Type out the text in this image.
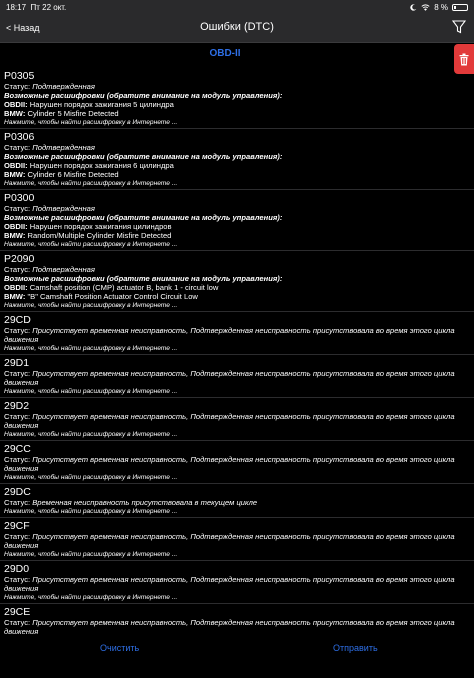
18:17 Пт 22 окт.	8 %
< Назад	Ошибки (DTC)
OBD-II
P0305
Статус: Подтвержденная
Возможные расшифровки (обратите внимание на модуль управления):
OBDII: Нарушен порядок зажигания 5 цилиндра
BMW: Cylinder 5 Misfire Detected
Нажмите, чтобы найти расшифровку в Интернете ...
P0306
Статус: Подтвержденная
Возможные расшифровки (обратите внимание на модуль управления):
OBDII: Нарушен порядок зажигания 6 цилиндра
BMW: Cylinder 6 Misfire Detected
Нажмите, чтобы найти расшифровку в Интернете ...
P0300
Статус: Подтвержденная
Возможные расшифровки (обратите внимание на модуль управления):
OBDII: Нарушен порядок зажигания цилиндров
BMW: Random/Multiple Cylinder Misfire Detected
Нажмите, чтобы найти расшифровку в Интернете ...
P2090
Статус: Подтвержденная
Возможные расшифровки (обратите внимание на модуль управления):
OBDII: Camshaft position (CMP) actuator B, bank 1 - circuit low
BMW: "B" Camshaft Position Actuator Control Circuit Low
Нажмите, чтобы найти расшифровку в Интернете ...
29CD
Статус: Присутствует временная неисправность, Подтвержденная неисправность присутствовала во время этого цикла движения
Нажмите, чтобы найти расшифровку в Интернете ...
29D1
Статус: Присутствует временная неисправность, Подтвержденная неисправность присутствовала во время этого цикла движения
Нажмите, чтобы найти расшифровку в Интернете ...
29D2
Статус: Присутствует временная неисправность, Подтвержденная неисправность присутствовала во время этого цикла движения
Нажмите, чтобы найти расшифровку в Интернете ...
29CC
Статус: Присутствует временная неисправность, Подтвержденная неисправность присутствовала во время этого цикла движения
Нажмите, чтобы найти расшифровку в Интернете ...
29DC
Статус: Временная неисправность присутствовала в текущем цикле
Нажмите, чтобы найти расшифровку в Интернете ...
29CF
Статус: Присутствует временная неисправность, Подтвержденная неисправность присутствовала во время этого цикла движения
Нажмите, чтобы найти расшифровку в Интернете ...
29D0
Статус: Присутствует временная неисправность, Подтвержденная неисправность присутствовала во время этого цикла движения
Нажмите, чтобы найти расшифровку в Интернете ...
29CE
Статус: Присутствует временная неисправность, Подтвержденная неисправность присутствовала во время этого цикла движения
Очистить	Отправить
